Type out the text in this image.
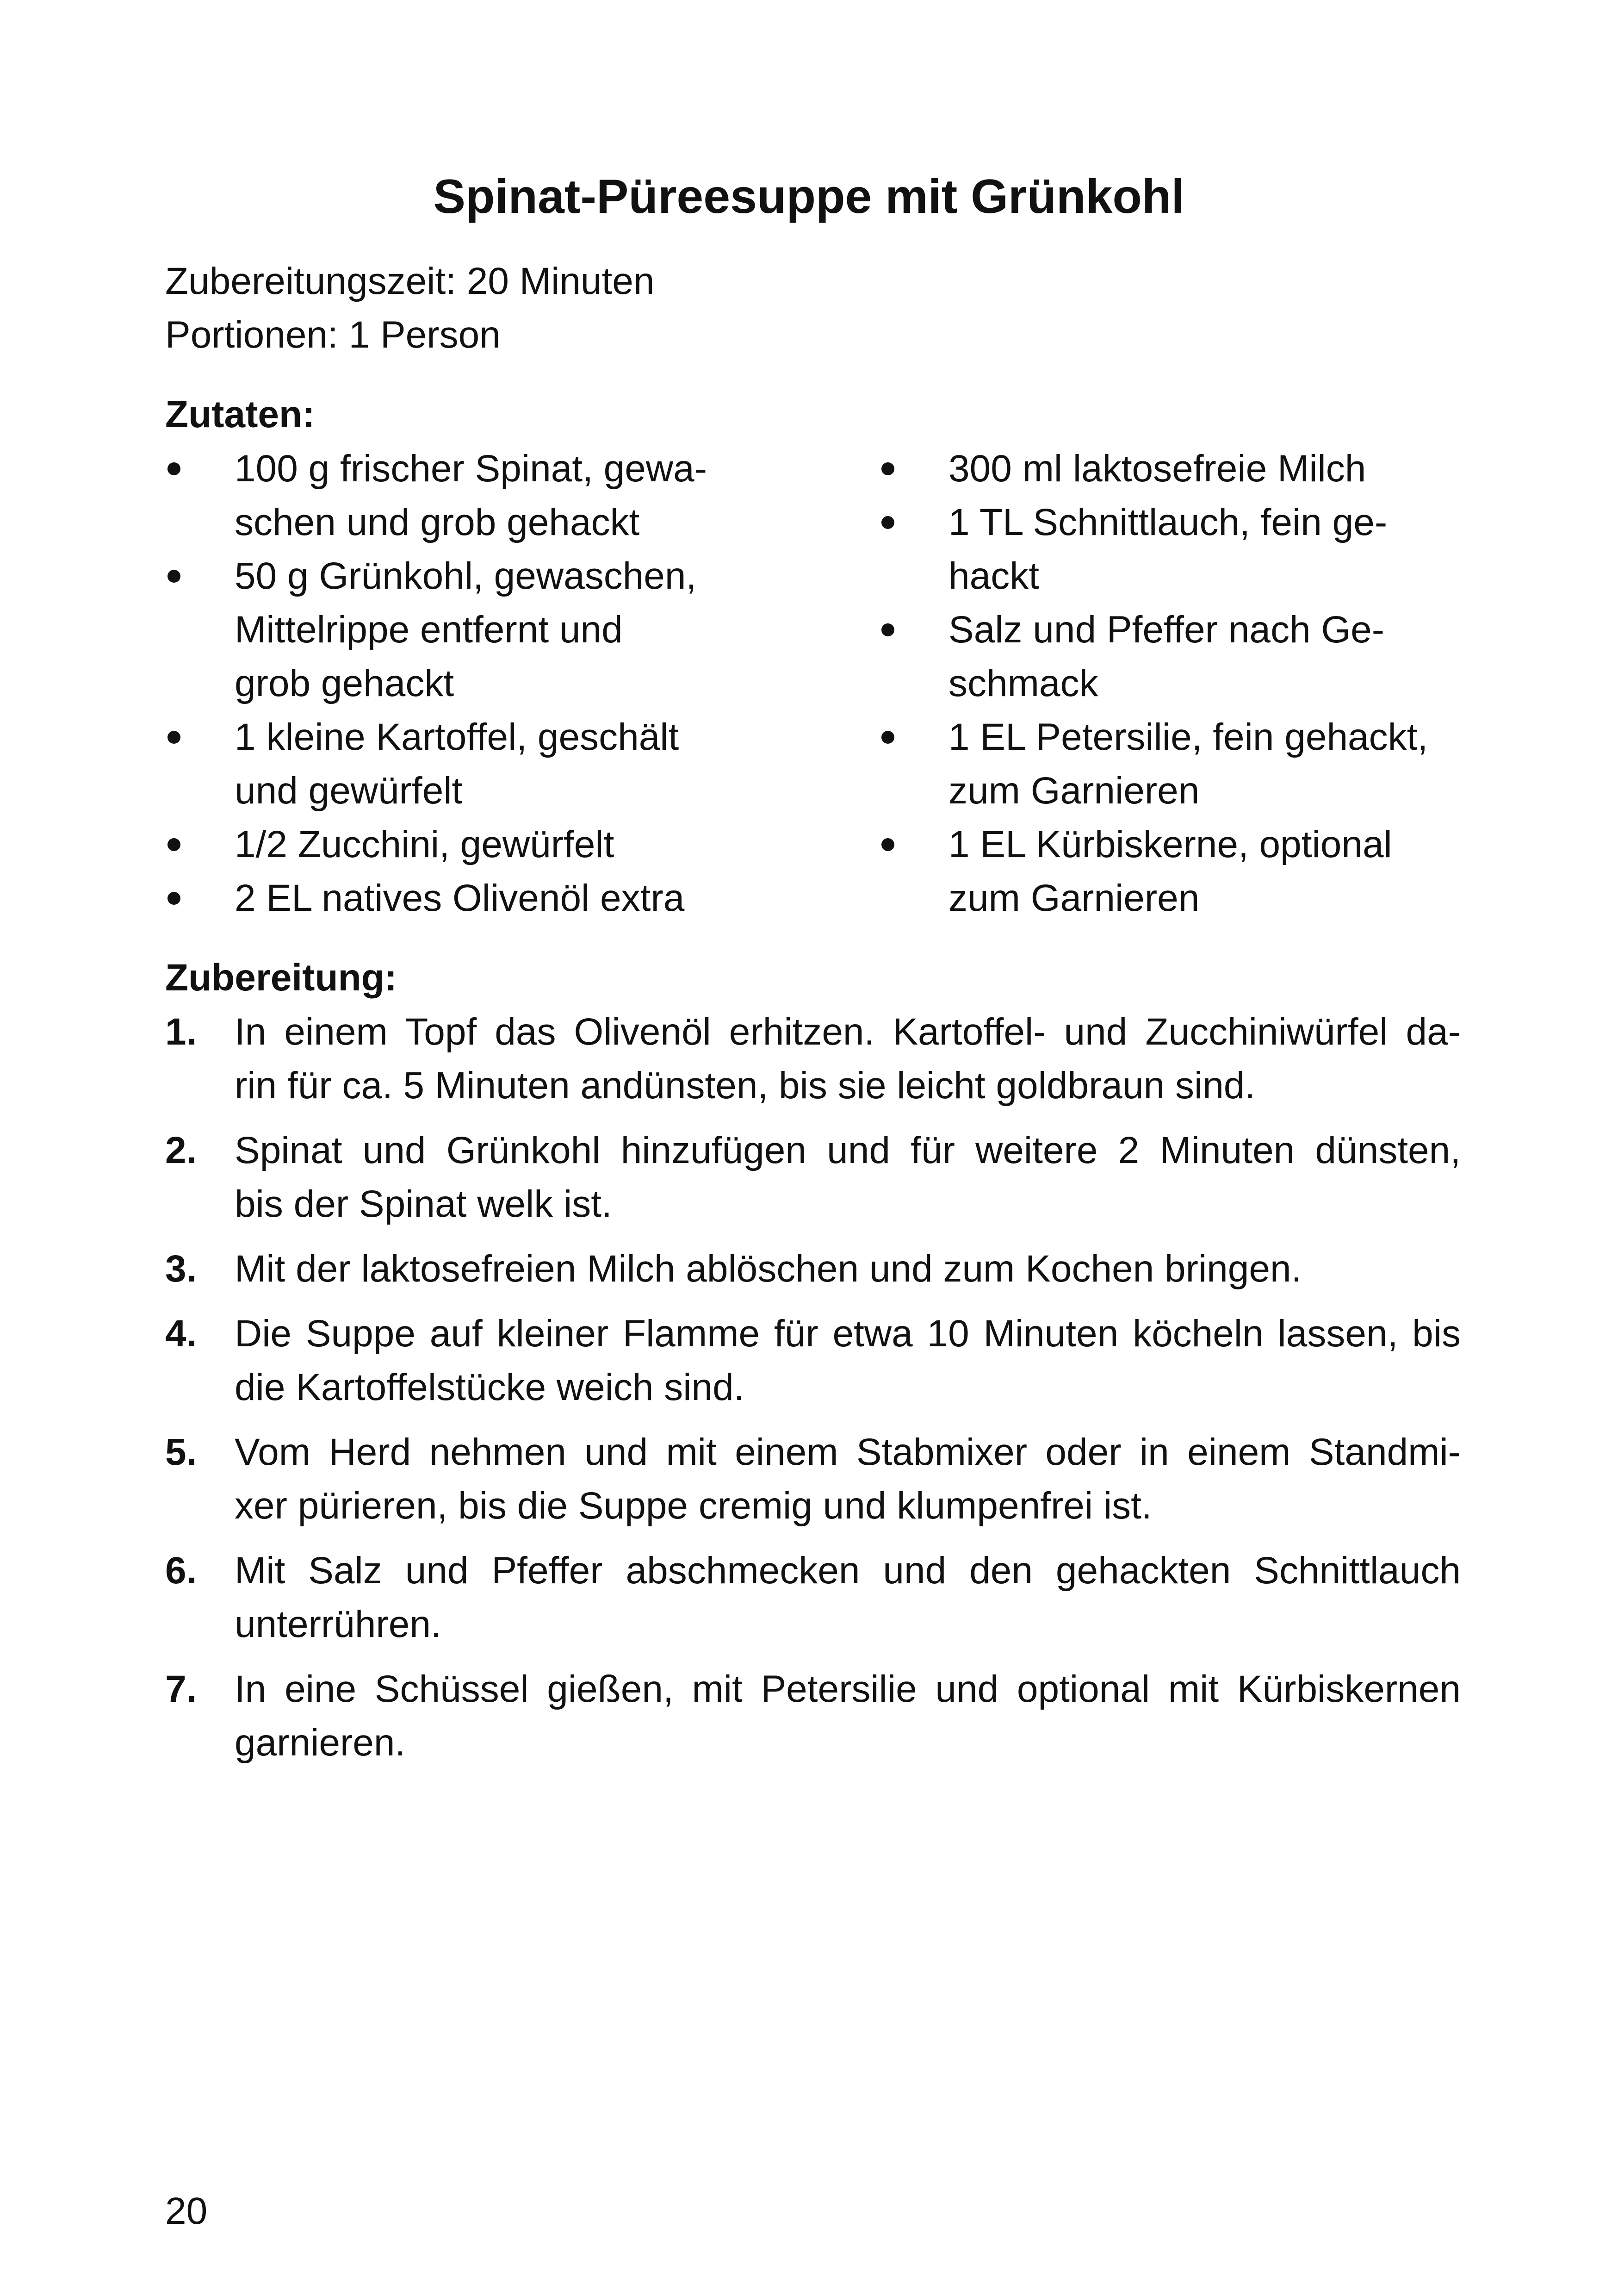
Spinat-Püreesuppe mit Grünkohl
Zubereitungszeit: 20 Minuten
Portionen: 1 Person
Zutaten:
100 g frischer Spinat, gewa-
schen und grob gehackt
50 g Grünkohl, gewaschen,
Mittelrippe entfernt und
grob gehackt
1 kleine Kartoffel, geschält
und gewürfelt
1/2 Zucchini, gewürfelt
2 EL natives Olivenöl extra
300 ml laktosefreie Milch
1 TL Schnittlauch, fein ge-
hackt
Salz und Pfeffer nach Ge-
schmack
1 EL Petersilie, fein gehackt,
zum Garnieren
1 EL Kürbiskerne, optional
zum Garnieren
Zubereitung:
1. In einem Topf das Olivenöl erhitzen. Kartoffel- und Zucchiniwürfel da-
rin für ca. 5 Minuten andünsten, bis sie leicht goldbraun sind.
2. Spinat und Grünkohl hinzufügen und für weitere 2 Minuten dünsten,
bis der Spinat welk ist.
3. Mit der laktosefreien Milch ablöschen und zum Kochen bringen.
4. Die Suppe auf kleiner Flamme für etwa 10 Minuten köcheln lassen, bis
die Kartoffelstücke weich sind.
5. Vom Herd nehmen und mit einem Stabmixer oder in einem Standmi-
xer pürieren, bis die Suppe cremig und klumpenfrei ist.
6. Mit Salz und Pfeffer abschmecken und den gehackten Schnittlauch
unterrühren.
7. In eine Schüssel gießen, mit Petersilie und optional mit Kürbiskernen
garnieren.
20
